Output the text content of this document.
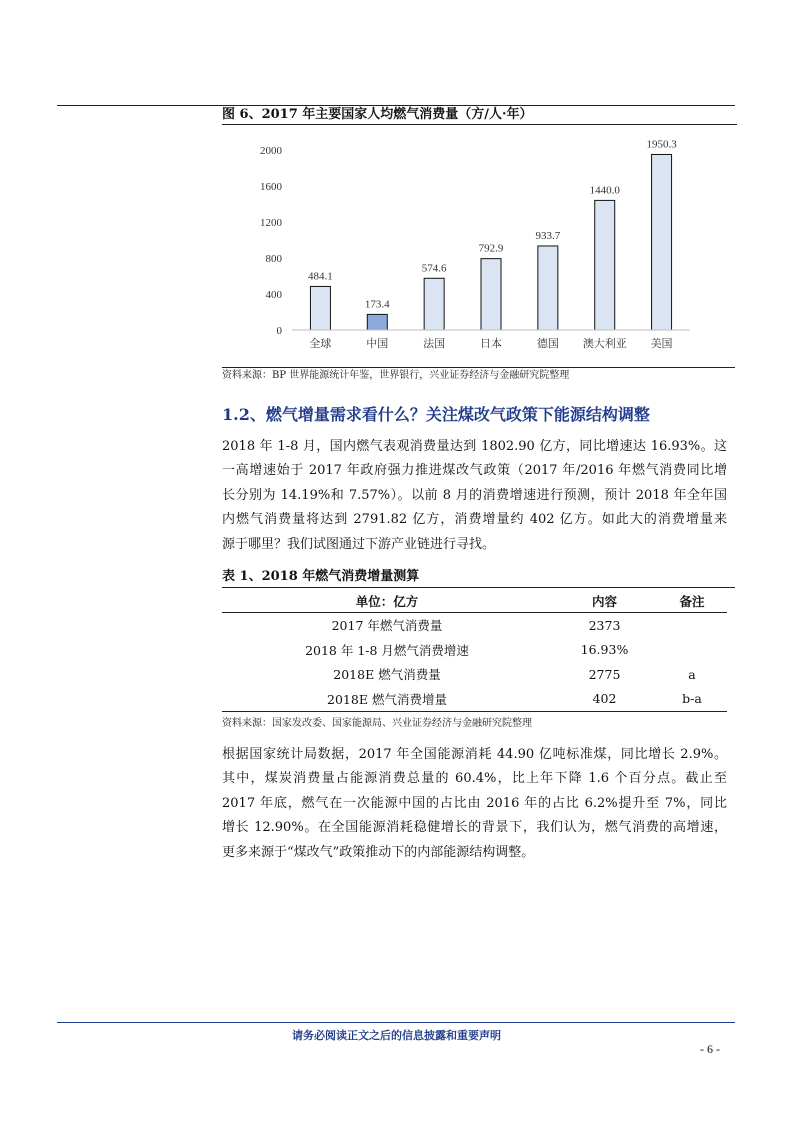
图 6、2017 年主要国家人均燃气消费量（方/人·年）
0
400
800
1200
1600
2000
484.1
全球
173.4
中国
574.6
法国
792.9
日本
933.7
德国
1440.0
澳大利亚
1950.3
美国
资料来源：BP 世界能源统计年鉴，世界银行，兴业证券经济与金融研究院整理
1.2、燃气增量需求看什么？关注煤改气政策下能源结构调整

2018 年 1-8 月，国内燃气表观消费量达到 1802.90 亿方，同比增速达 16.93%。这

一高增速始于 2017 年政府强力推进煤改气政策（2017 年/2016 年燃气消费同比增

长分别为 14.19%和 7.57%）。以前 8 月的消费增速进行预测，预计 2018 年全年国

内燃气消费量将达到 2791.82 亿方，消费增量约 402 亿方。如此大的消费增量来

源于哪里？我们试图通过下游产业链进行寻找。

表 1、2018 年燃气消费增量测算
单位：亿方	内容	备注
2017 年燃气消费量	2373	
2018 年 1-8 月燃气消费增速	16.93%	
2018E 燃气消费量	2775	a
2018E 燃气消费增量	402	b-a
资料来源：国家发改委、国家能源局、兴业证券经济与金融研究院整理

根据国家统计局数据，2017 年全国能源消耗 44.90 亿吨标准煤，同比增长 2.9%。

其中，煤炭消费量占能源消费总量的 60.4%，比上年下降 1.6 个百分点。截止至

2017 年底，燃气在一次能源中国的占比由 2016 年的占比 6.2%提升至 7%，同比

增长 12.90%。在全国能源消耗稳健增长的背景下，我们认为，燃气消费的高增速，

更多来源于“煤改气”政策推动下的内部能源结构调整。

请务必阅读正文之后的信息披露和重要声明
- 6 -
